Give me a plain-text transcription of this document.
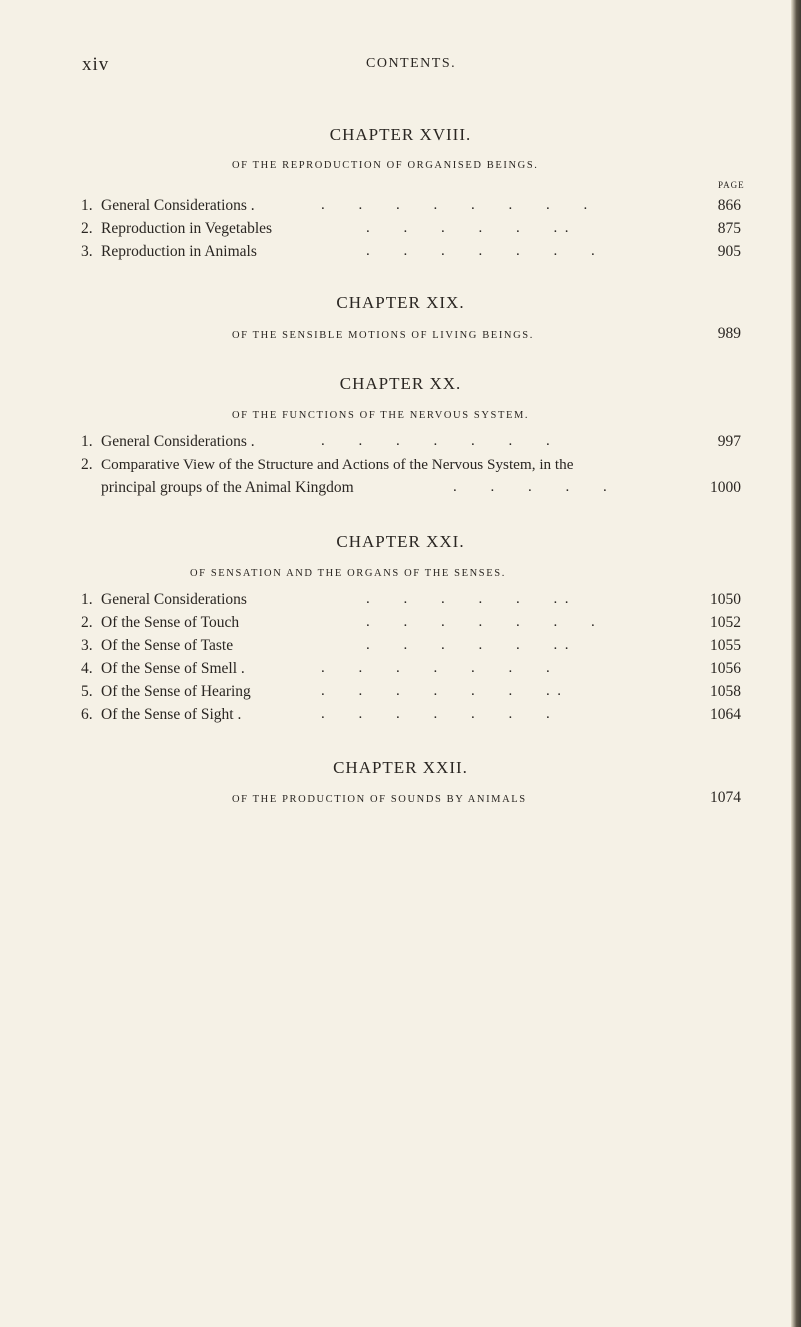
xiv	CONTENTS.
CHAPTER XVIII.
OF THE REPRODUCTION OF ORGANISED BEINGS.
PAGE
1. General Considerations .	.         .         .         .         .         .         .         .	866
2. Reproduction in Vegetables	.         .         .         .         .         .  .	875
3. Reproduction in Animals	.         .         .         .         .         .         .	905
CHAPTER XIX.
OF THE SENSIBLE MOTIONS OF LIVING BEINGS.	989
CHAPTER XX.
OF THE FUNCTIONS OF THE NERVOUS SYSTEM.
1. General Considerations .	.         .         .         .         .         .         .	997
2. Comparative View of the Structure and Actions of the Nervous System, in the
principal groups of the Animal Kingdom	.         .         .         .         .	1000
CHAPTER XXI.
OF SENSATION AND THE ORGANS OF THE SENSES.
1. General Considerations	.         .         .         .         .         .  .	1050
2. Of the Sense of Touch	.         .         .         .         .         .         .	1052
3. Of the Sense of Taste	.         .         .         .         .         .  .	1055
4. Of the Sense of Smell .	.         .         .         .         .         .         .	1056
5. Of the Sense of Hearing	.         .         .         .         .         .         .  .	1058
6. Of the Sense of Sight .	.         .         .         .         .         .         .	1064
CHAPTER XXII.
OF THE PRODUCTION OF SOUNDS BY ANIMALS	1074
